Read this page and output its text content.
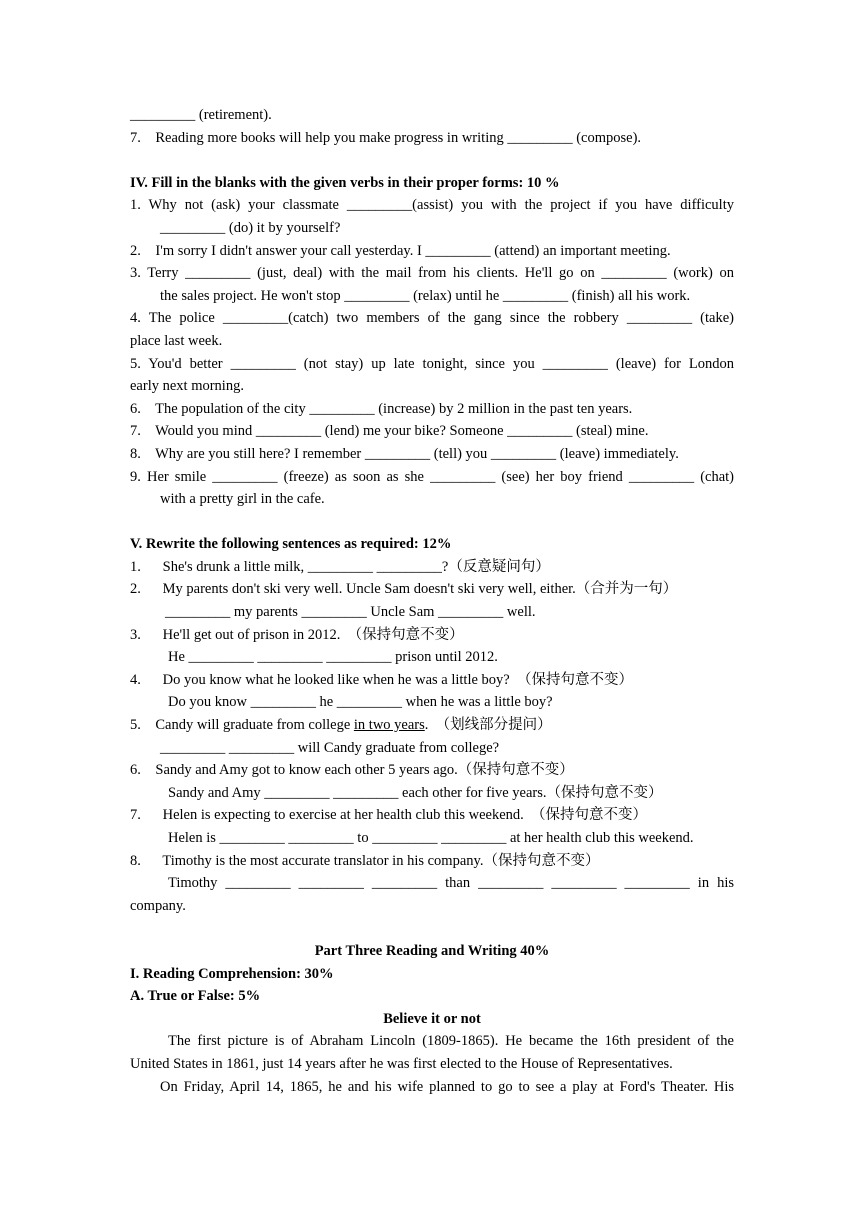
_________ (retirement).
7.    Reading more books will help you make progress in writing _________ (compose).
IV. Fill in the blanks with the given verbs in their proper forms: 10 %
1. Why not (ask) your classmate _________(assist) you with the project if you have difficulty
_________ (do) it by yourself?
2.    I'm sorry I didn't answer your call yesterday. I _________ (attend) an important meeting.
3. Terry _________ (just, deal) with the mail from his clients. He'll go on _________ (work) on
the sales project. He won't stop _________ (relax) until he _________ (finish) all his work.
4. The police _________(catch) two members of the gang since the robbery _________ (take)
place last week.
5. You'd better _________ (not stay) up late tonight, since you _________ (leave) for London
early next morning.
6.    The population of the city _________ (increase) by 2 million in the past ten years.
7.    Would you mind _________ (lend) me your bike? Someone _________ (steal) mine.
8.    Why are you still here? I remember _________ (tell) you _________ (leave) immediately.
9. Her smile _________ (freeze) as soon as she _________ (see) her boy friend _________ (chat)
with a pretty girl in the cafe.
V. Rewrite the following sentences as required: 12%
1.      She's drunk a little milk, _________ _________?（反意疑问句）
2.      My parents don't ski very well. Uncle Sam doesn't ski very well, either.（合并为一句）
_________ my parents _________ Uncle Sam _________ well.
3.      He'll get out of prison in 2012.  （保持句意不变）
He _________ _________ _________ prison until 2012.
4.      Do you know what he looked like when he was a little boy?  （保持句意不变）
Do you know _________ he _________ when he was a little boy?
5.    Candy will graduate from college in two years.  （划线部分提问）
_________ _________ will Candy graduate from college?
6.    Sandy and Amy got to know each other 5 years ago.（保持句意不变）
Sandy and Amy _________ _________ each other for five years.（保持句意不变）
7.      Helen is expecting to exercise at her health club this weekend.  （保持句意不变）
Helen is _________ _________ to _________ _________ at her health club this weekend.
8.      Timothy is the most accurate translator in his company.（保持句意不变）
Timothy _________ _________ _________ than _________ _________ _________ in his
company.
Part Three Reading and Writing 40%
I. Reading Comprehension: 30%
A. True or False: 5%
Believe it or not
The first picture is of Abraham Lincoln (1809-1865). He became the 16th president of the
United States in 1861, just 14 years after he was first elected to the House of Representatives.
On Friday, April 14, 1865, he and his wife planned to go to see a play at Ford's Theater. His
